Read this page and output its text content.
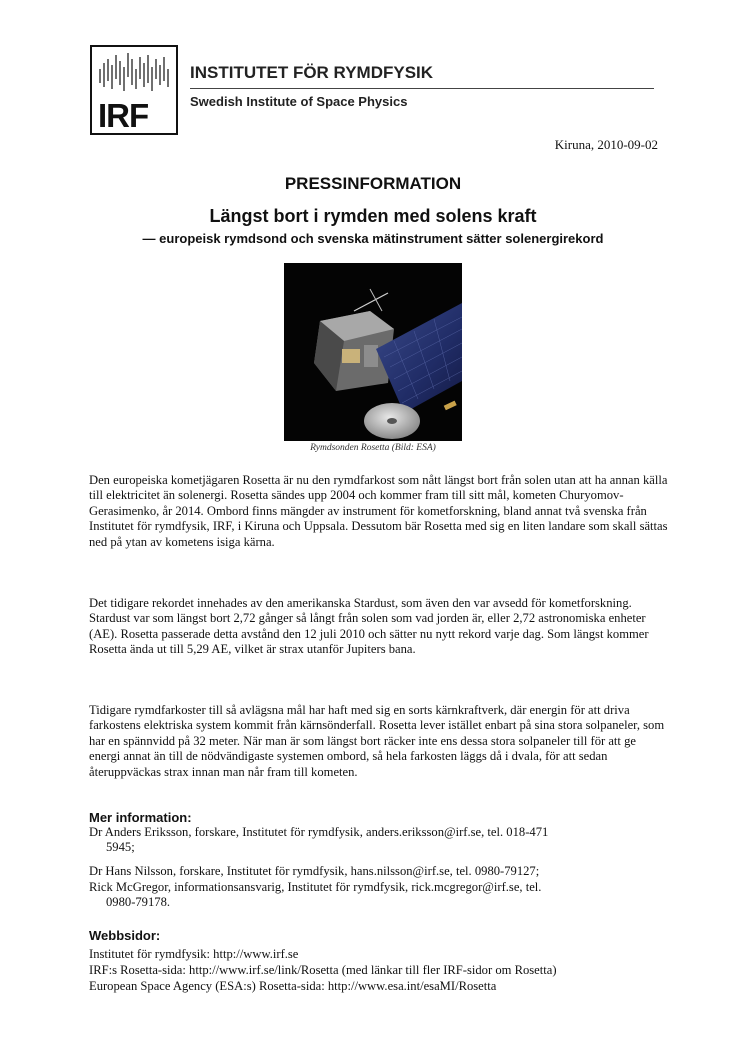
IRF
INSTITUTET FÖR RYMDFYSIK
Swedish Institute of Space Physics
Kiruna, 2010-09-02
PRESSINFORMATION
Längst bort i rymden med solens kraft
— europeisk rymdsond och svenska mätinstrument sätter solenergirekord
Rymdsonden Rosetta (Bild: ESA)

Den europeiska kometjägaren Rosetta är nu den rymdfarkost som nått längst bort från solen utan att ha annan källa till elektricitet än solenergi. Rosetta sändes upp 2004 och kommer fram till sitt mål, kometen Churyomov-Gerasimenko, år 2014. Ombord finns mängder av instrument för kometforskning, bland annat två svenska från Institutet för rymdfysik, IRF, i Kiruna och Uppsala. Dessutom bär Rosetta med sig en liten landare som skall sättas ned på ytan av kometens isiga kärna.

Det tidigare rekordet innehades av den amerikanska Stardust, som även den var avsedd för kometforskning. Stardust var som längst bort 2,72 gånger så långt från solen som vad jorden är, eller 2,72 astronomiska enheter (AE). Rosetta passerade detta avstånd den 12 juli 2010 och sätter nu nytt rekord varje dag. Som längst kommer Rosetta ända ut till 5,29 AE, vilket är strax utanför Jupiters bana.

Tidigare rymdfarkoster till så avlägsna mål har haft med sig en sorts kärnkraftverk, där energin för att driva farkostens elektriska system kommit från kärnsönderfall. Rosetta lever istället enbart på sina stora solpaneler, som har en spännvidd på 32 meter. När man är som längst bort räcker inte ens dessa stora solpaneler till för att ge energi annat än till de nödvändigaste systemen ombord, så hela farkosten läggs då i dvala, för att sedan återuppväckas strax innan man når fram till kometen.

Mer information:
Dr Anders Eriksson, forskare, Institutet för rymdfysik, anders.eriksson@irf.se, tel. 018-471
5945;
Dr Hans Nilsson, forskare, Institutet för rymdfysik, hans.nilsson@irf.se, tel. 0980-79127;
Rick McGregor, informationsansvarig, Institutet för rymdfysik, rick.mcgregor@irf.se, tel.
0980-79178.
Webbsidor:
Institutet för rymdfysik: http://www.irf.se
IRF:s Rosetta-sida: http://www.irf.se/link/Rosetta (med länkar till fler IRF-sidor om Rosetta)
European Space Agency (ESA:s) Rosetta-sida: http://www.esa.int/esaMI/Rosetta
